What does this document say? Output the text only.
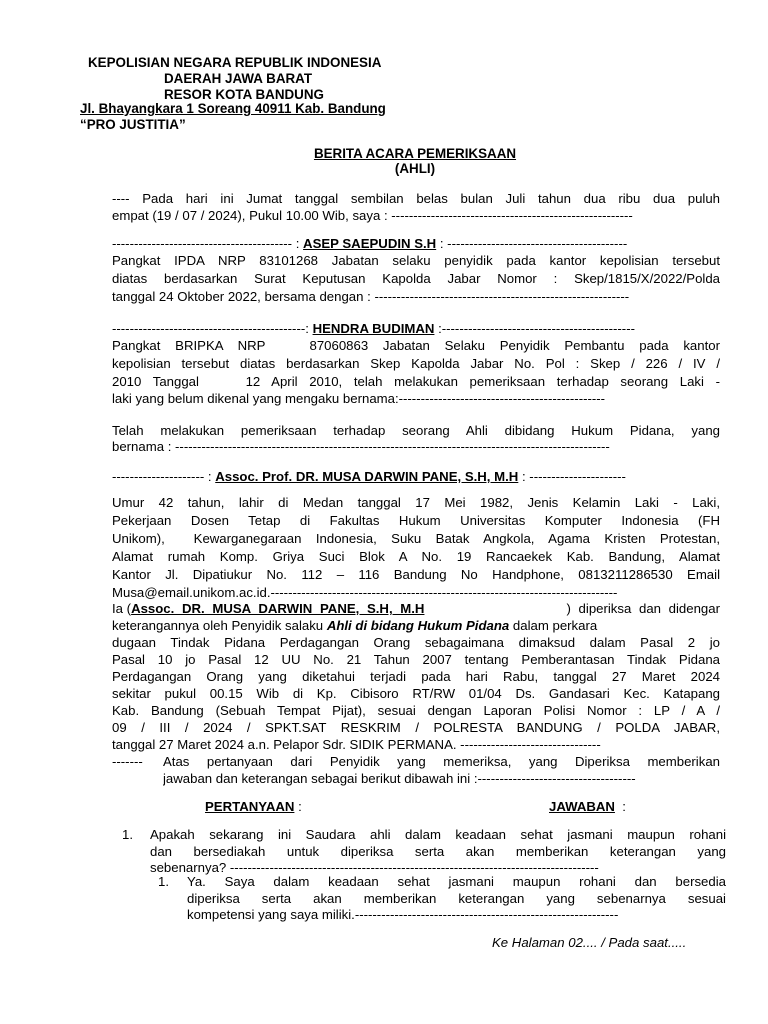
KEPOLISIAN NEGARA REPUBLIK INDONESIA
DAERAH JAWA BARAT
RESOR KOTA BANDUNG
Jl. Bhayangkara 1 Soreang 40911 Kab. Bandung
“PRO JUSTITIA”
BERITA ACARA PEMERIKSAAN
(AHLI)
---- Pada hari ini Jumat tanggal sembilan belas bulan Juli tahun dua ribu dua puluh
empat (19 / 07 / 2024), Pukul 10.00 Wib, saya : -------------------------------------------------------
----------------------------------------- : ASEP SAEPUDIN S.H : -----------------------------------------
Pangkat IPDA NRP 83101268 Jabatan selaku penyidik pada kantor kepolisian tersebut
diatas berdasarkan Surat Keputusan Kapolda Jabar Nomor : Skep/1815/X/2022/Polda
tanggal 24 Oktober 2022, bersama dengan : ----------------------------------------------------------
--------------------------------------------: HENDRA BUDIMAN :--------------------------------------------
Pangkat BRIPKA NRP   87060863 Jabatan Selaku Penyidik Pembantu pada kantor
kepolisian tersebut diatas berdasarkan Skep Kapolda Jabar No. Pol : Skep / 226 / IV /
2010 Tanggal    12 April 2010, telah melakukan pemeriksaan terhadap seorang Laki -
laki yang belum dikenal yang mengaku bernama:-----------------------------------------------
Telah melakukan pemeriksaan terhadap seorang Ahli dibidang Hukum Pidana, yang
bernama : ---------------------------------------------------------------------------------------------------
--------------------- : Assoc. Prof. DR. MUSA DARWIN PANE, S.H, M.H : ----------------------
Umur 42 tahun, lahir di Medan tanggal 17 Mei 1982, Jenis Kelamin Laki - Laki,
Pekerjaan Dosen Tetap di Fakultas Hukum Universitas Komputer Indonesia (FH
Unikom),  Kewarganegaraan Indonesia, Suku Batak Angkola, Agama Kristen Protestan,
Alamat rumah Komp. Griya Suci Blok A No. 19 Rancaekek Kab. Bandung, Alamat
Kantor Jl. Dipatiukur No. 112 – 116 Bandung No Handphone, 0813211286530 Email
Musa@email.unikom.ac.id.-------------------------------------------------------------------------------
Ia (Assoc. DR. MUSA DARWIN PANE, S.H, M.H	) diperiksa dan didengar
keterangannya oleh Penyidik salaku Ahli di bidang Hukum Pidana dalam perkara
dugaan Tindak Pidana Perdagangan Orang sebagaimana dimaksud dalam Pasal 2 jo
Pasal 10 jo Pasal 12 UU No. 21 Tahun 2007 tentang Pemberantasan Tindak Pidana
Perdagangan Orang yang diketahui terjadi pada hari Rabu, tanggal 27 Maret 2024
sekitar pukul 00.15 Wib di Kp. Cibisoro RT/RW 01/04 Ds. Gandasari Kec. Katapang
Kab. Bandung (Sebuah Tempat Pijat), sesuai dengan Laporan Polisi Nomor : LP / A /
09 / III / 2024 / SPKT.SAT RESKRIM / POLRESTA BANDUNG / POLDA JABAR,
tanggal 27 Maret 2024 a.n. Pelapor Sdr. SIDIK PERMANA. --------------------------------
------- Atas pertanyaan dari Penyidik yang memeriksa, yang Diperiksa memberikan
jawaban dan keterangan sebagai berikut dibawah ini :------------------------------------
PERTANYAAN :	JAWABAN  :
1. Apakah sekarang ini Saudara ahli dalam keadaan sehat jasmani maupun rohani
dan bersediakah untuk diperiksa serta akan memberikan keterangan yang
sebenarnya? ------------------------------------------------------------------------------------
1. Ya. Saya dalam keadaan sehat jasmani maupun rohani dan bersedia
diperiksa serta akan memberikan keterangan yang sebenarnya sesuai
kompetensi yang saya miliki.------------------------------------------------------------
Ke Halaman 02.... / Pada saat.....
